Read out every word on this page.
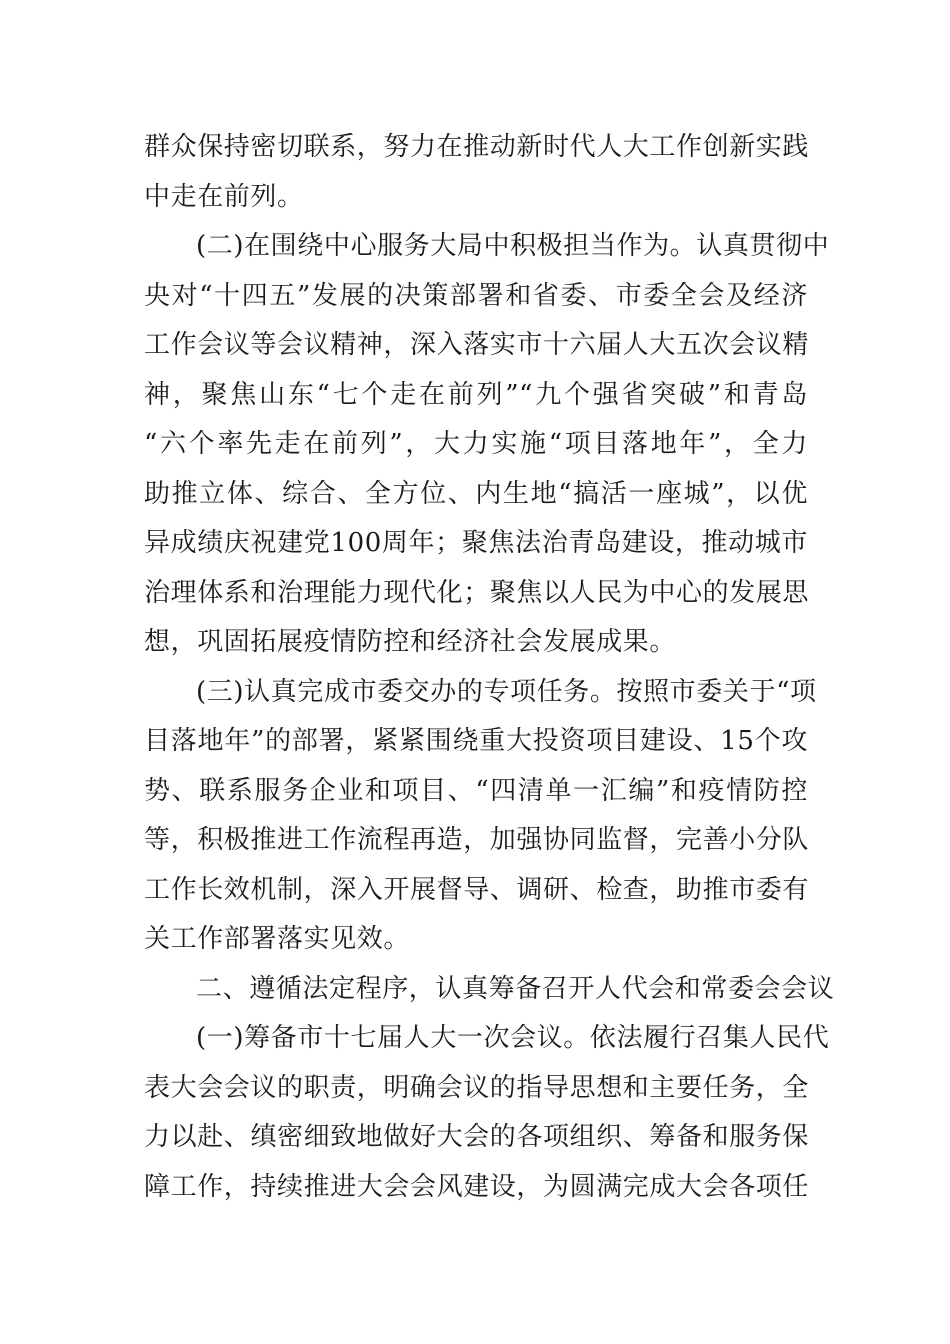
群众保持密切联系，努力在推动新时代人大工作创新实践
中走在前列。
(二)在围绕中心服务大局中积极担当作为。认真贯彻中
央对“十四五”发展的决策部署和省委、市委全会及经济
工作会议等会议精神，深入落实市十六届人大五次会议精
神，聚焦山东“七个走在前列”“九个强省突破”和青岛
“六个率先走在前列”，大力实施“项目落地年”，全力
助推立体、综合、全方位、内生地“搞活一座城”，以优
异成绩庆祝建党100周年；聚焦法治青岛建设，推动城市
治理体系和治理能力现代化；聚焦以人民为中心的发展思
想，巩固拓展疫情防控和经济社会发展成果。
(三)认真完成市委交办的专项任务。按照市委关于“项
目落地年”的部署，紧紧围绕重大投资项目建设、15个攻
势、联系服务企业和项目、“四清单一汇编”和疫情防控
等，积极推进工作流程再造，加强协同监督，完善小分队
工作长效机制，深入开展督导、调研、检查，助推市委有
关工作部署落实见效。
二、遵循法定程序，认真筹备召开人代会和常委会会议
(一)筹备市十七届人大一次会议。依法履行召集人民代
表大会会议的职责，明确会议的指导思想和主要任务，全
力以赴、缜密细致地做好大会的各项组织、筹备和服务保
障工作，持续推进大会会风建设，为圆满完成大会各项任
